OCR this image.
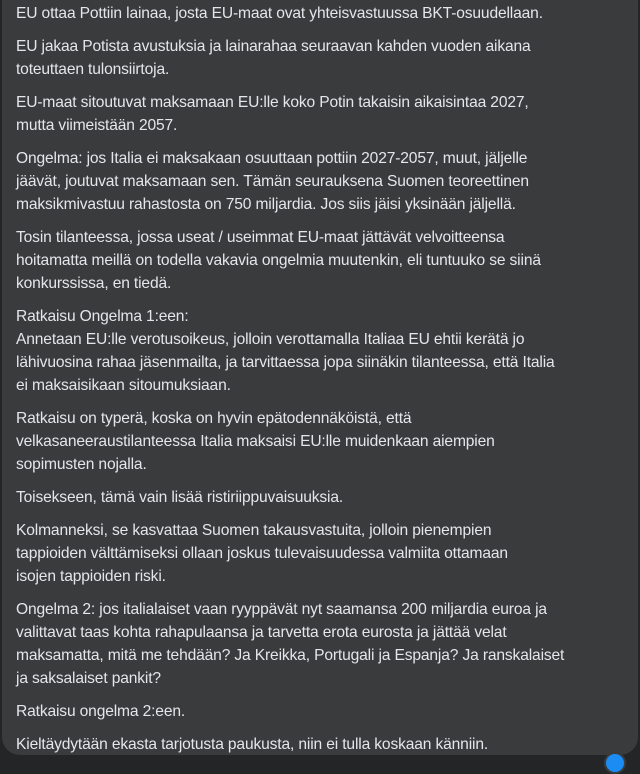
EU ottaa Pottiin lainaa, josta EU-maat ovat yhteisvastuussa BKT-osuudellaan.

EU jakaa Potista avustuksia ja lainarahaa seuraavan kahden vuoden aikana
toteuttaen tulonsiirtoja.

EU-maat sitoutuvat maksamaan EU:lle koko Potin takaisin aikaisintaa 2027,
mutta viimeistään 2057.

Ongelma: jos Italia ei maksakaan osuuttaan pottiin 2027-2057, muut, jäljelle
jäävät, joutuvat maksamaan sen. Tämän seurauksena Suomen teoreettinen
maksikmivastuu rahastosta on 750 miljardia. Jos siis jäisi yksinään jäljellä.

Tosin tilanteessa, jossa useat / useimmat EU-maat jättävät velvoitteensa
hoitamatta meillä on todella vakavia ongelmia muutenkin, eli tuntuuko se siinä
konkurssissa, en tiedä.

Ratkaisu Ongelma 1:een:
Annetaan EU:lle verotusoikeus, jolloin verottamalla Italiaa EU ehtii kerätä jo
lähivuosina rahaa jäsenmailta, ja tarvittaessa jopa siinäkin tilanteessa, että Italia
ei maksaisikaan sitoumuksiaan.

Ratkaisu on typerä, koska on hyvin epätodennäköistä, että
velkasaneeraustilanteessa Italia maksaisi EU:lle muidenkaan aiempien
sopimusten nojalla.

Toisekseen, tämä vain lisää ristiriippuvaisuuksia.

Kolmanneksi, se kasvattaa Suomen takausvastuita, jolloin pienempien
tappioiden välttämiseksi ollaan joskus tulevaisuudessa valmiita ottamaan
isojen tappioiden riski.

Ongelma 2: jos italialaiset vaan ryyppävät nyt saamansa 200 miljardia euroa ja
valittavat taas kohta rahapulaansa ja tarvetta erota eurosta ja jättää velat
maksamatta, mitä me tehdään? Ja Kreikka, Portugali ja Espanja? Ja ranskalaiset
ja saksalaiset pankit?

Ratkaisu ongelma 2:een.

Kieltäydytään ekasta tarjotusta paukusta, niin ei tulla koskaan känniin.
